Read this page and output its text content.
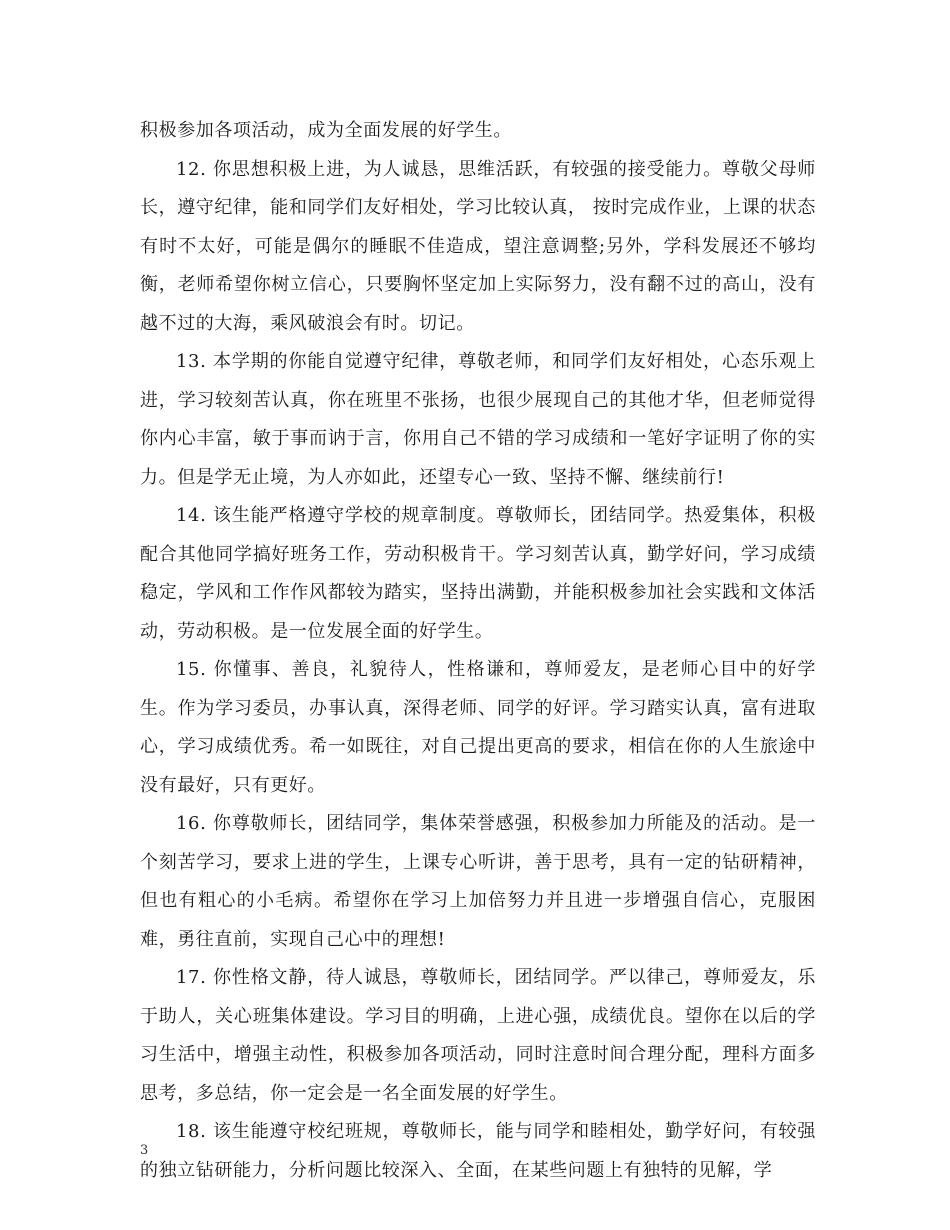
积极参加各项活动，成为全面发展的好学生。

12. 你思想积极上进，为人诚恳，思维活跃，有较强的接受能力。尊敬父母师长，遵守纪律，能和同学们友好相处，学习比较认真， 按时完成作业，上课的状态有时不太好，可能是偶尔的睡眠不佳造成，望注意调整;另外，学科发展还不够均衡，老师希望你树立信心，只要胸怀坚定加上实际努力，没有翻不过的高山，没有越不过的大海，乘风破浪会有时。切记。

13. 本学期的你能自觉遵守纪律，尊敬老师，和同学们友好相处，心态乐观上进，学习较刻苦认真，你在班里不张扬，也很少展现自己的其他才华，但老师觉得你内心丰富，敏于事而讷于言，你用自己不错的学习成绩和一笔好字证明了你的实力。但是学无止境，为人亦如此，还望专心一致、坚持不懈、继续前行!

14. 该生能严格遵守学校的规章制度。尊敬师长，团结同学。热爱集体，积极配合其他同学搞好班务工作，劳动积极肯干。学习刻苦认真，勤学好问，学习成绩稳定，学风和工作作风都较为踏实，坚持出满勤，并能积极参加社会实践和文体活动，劳动积极。是一位发展全面的好学生。

15. 你懂事、善良，礼貌待人，性格谦和，尊师爱友，是老师心目中的好学生。作为学习委员，办事认真，深得老师、同学的好评。学习踏实认真，富有进取心，学习成绩优秀。希一如既往，对自己提出更高的要求，相信在你的人生旅途中没有最好，只有更好。

16. 你尊敬师长，团结同学，集体荣誉感强，积极参加力所能及的活动。是一个刻苦学习，要求上进的学生，上课专心听讲，善于思考，具有一定的钻研精神，但也有粗心的小毛病。希望你在学习上加倍努力并且进一步增强自信心，克服困难，勇往直前，实现自己心中的理想!

17. 你性格文静，待人诚恳，尊敬师长，团结同学。严以律己，尊师爱友，乐于助人，关心班集体建设。学习目的明确，上进心强，成绩优良。望你在以后的学习生活中，增强主动性，积极参加各项活动，同时注意时间合理分配，理科方面多思考，多总结，你一定会是一名全面发展的好学生。

18. 该生能遵守校纪班规，尊敬师长，能与同学和睦相处，勤学好问，有较强的独立钻研能力，分析问题比较深入、全面，在某些问题上有独特的见解，学

3
